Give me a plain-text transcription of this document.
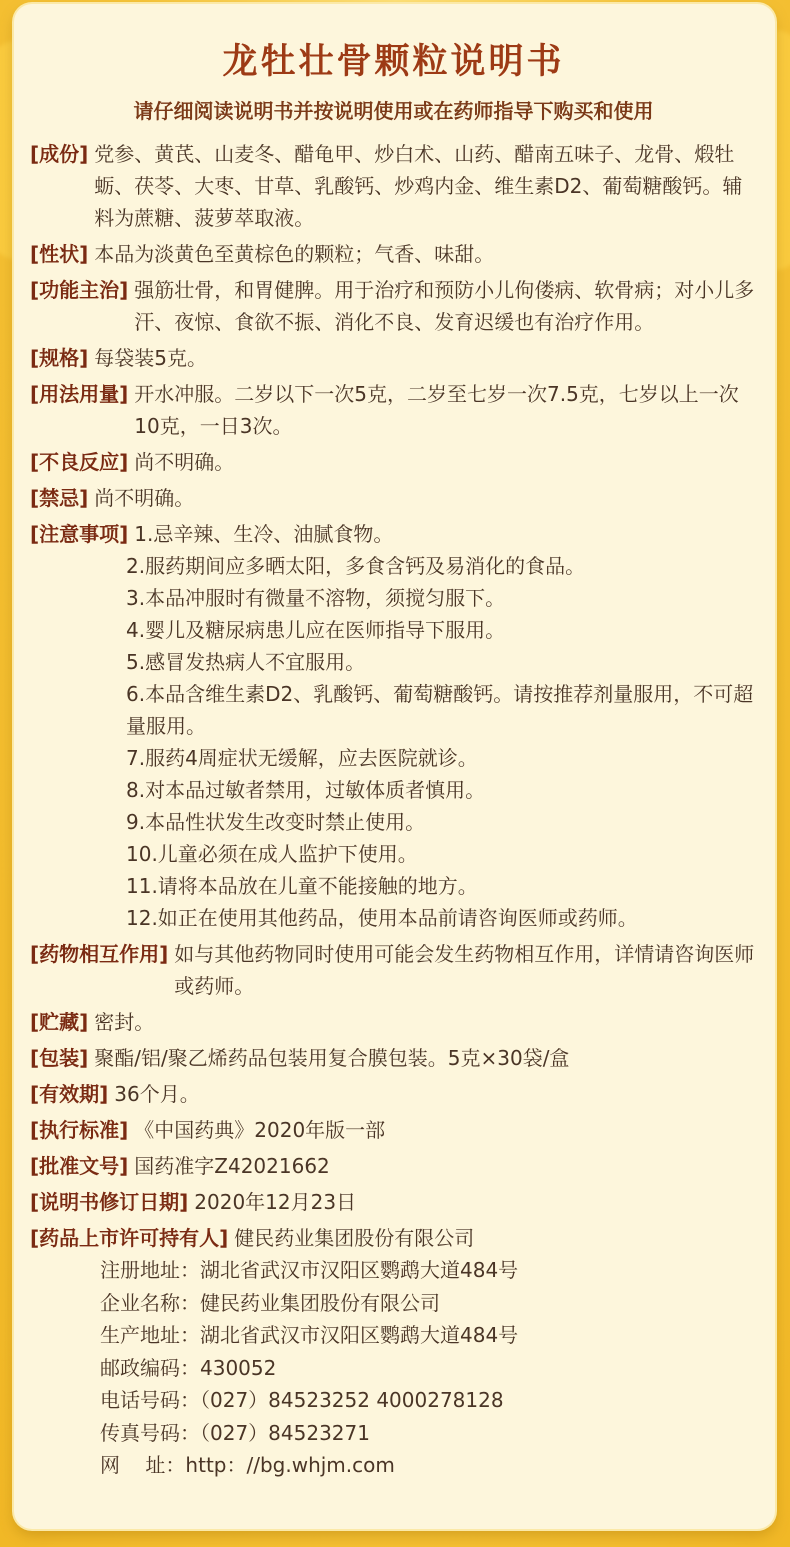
龙牡壮骨颗粒说明书
请仔细阅读说明书并按说明使用或在药师指导下购买和使用
[成份] 党参、黄芪、山麦冬、醋龟甲、炒白术、山药、醋南五味子、龙骨、煅牡蛎、茯苓、大枣、甘草、乳酸钙、炒鸡内金、维生素D2、葡萄糖酸钙。辅料为蔗糖、菠萝萃取液。
[性状] 本品为淡黄色至黄棕色的颗粒；气香、味甜。
[功能主治] 强筋壮骨，和胃健脾。用于治疗和预防小儿佝偻病、软骨病；对小儿多汗、夜惊、食欲不振、消化不良、发育迟缓也有治疗作用。
[规格] 每袋装5克。
[用法用量] 开水冲服。二岁以下一次5克，二岁至七岁一次7.5克，七岁以上一次10克，一日3次。
[不良反应] 尚不明确。
[禁忌] 尚不明确。
[注意事项] 1.忌辛辣、生冷、油腻食物。
2.服药期间应多晒太阳，多食含钙及易消化的食品。
3.本品冲服时有微量不溶物，须搅匀服下。
4.婴儿及糖尿病患儿应在医师指导下服用。
5.感冒发热病人不宜服用。
6.本品含维生素D2、乳酸钙、葡萄糖酸钙。请按推荐剂量服用，不可超量服用。
7.服药4周症状无缓解，应去医院就诊。
8.对本品过敏者禁用，过敏体质者慎用。
9.本品性状发生改变时禁止使用。
10.儿童必须在成人监护下使用。
11.请将本品放在儿童不能接触的地方。
12.如正在使用其他药品，使用本品前请咨询医师或药师。
[药物相互作用] 如与其他药物同时使用可能会发生药物相互作用，详情请咨询医师或药师。
[贮藏] 密封。
[包装] 聚酯/铝/聚乙烯药品包装用复合膜包装。5克×30袋/盒
[有效期] 36个月。
[执行标准] 《中国药典》2020年版一部
[批准文号] 国药准字Z42021662
[说明书修订日期] 2020年12月23日
[药品上市许可持有人] 健民药业集团股份有限公司
注册地址：湖北省武汉市汉阳区鹦鹉大道484号
企业名称：健民药业集团股份有限公司
生产地址：湖北省武汉市汉阳区鹦鹉大道484号
邮政编码：430052
电话号码：（027）84523252 4000278128
传真号码：（027）84523271
网    址：http：//bg.whjm.com
